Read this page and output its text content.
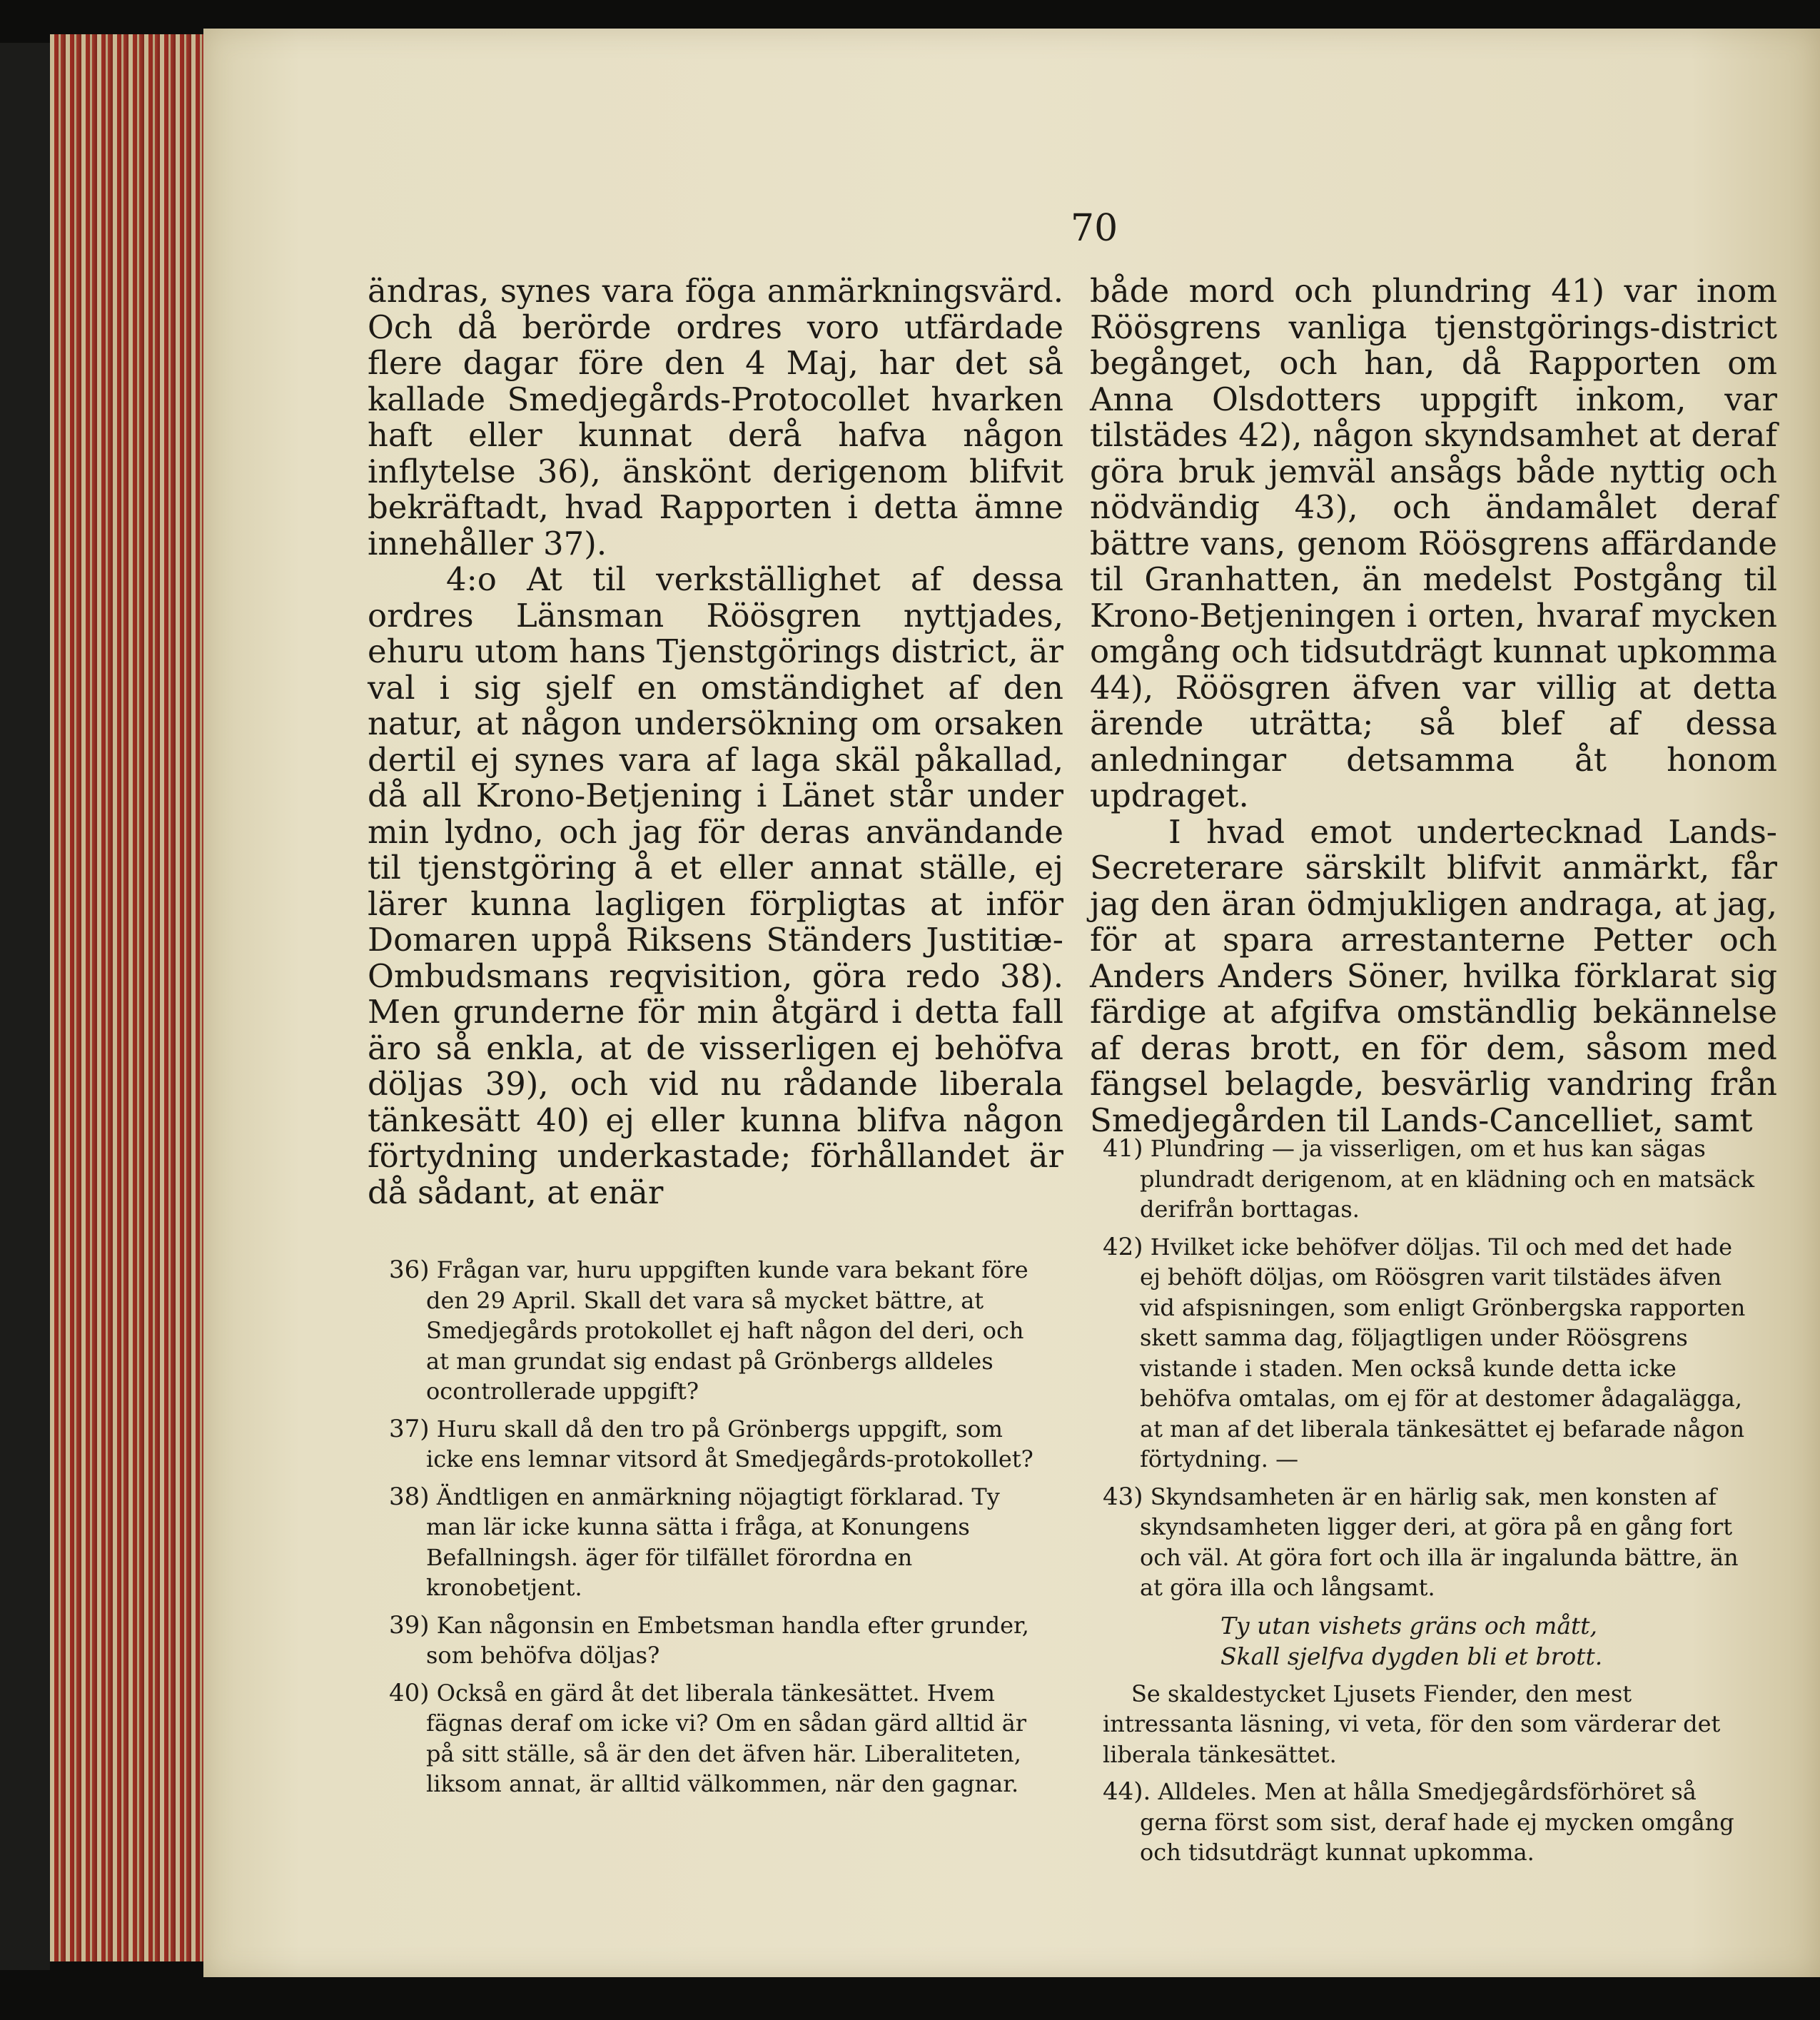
70

ändras, synes vara föga anmärkningsvärd. Och då berörde ordres voro utfärdade flere dagar före den 4 Maj, har det så kallade Smedjegårds-Protocollet hvarken haft eller kunnat derå hafva någon inflytelse 36), änskönt derigenom blifvit bekräftadt, hvad Rapporten i detta ämne innehåller 37).

4:o At til verkställighet af dessa ordres Länsman Röösgren nyttjades, ehuru utom hans Tjenstgörings district, är val i sig sjelf en omständighet af den natur, at någon undersökning om orsaken dertil ej synes vara af laga skäl påkallad, då all Krono-Betjening i Länet står under min lydno, och jag för deras användande til tjenstgöring å et eller annat ställe, ej lärer kunna lagligen förpligtas at inför Domaren uppå Riksens Ständers Justitiæ-Ombudsmans reqvisition, göra redo 38). Men grunderne för min åtgärd i detta fall äro så enkla, at de visserligen ej behöfva döljas 39), och vid nu rådande liberala tänkesätt 40) ej eller kunna blifva någon förtydning underkastade; förhållandet är då sådant, at enär

36) Frågan var, huru uppgiften kunde vara bekant före den 29 April. Skall det vara så mycket bättre, at Smedjegårds protokollet ej haft någon del deri, och at man grundat sig endast på Grönbergs alldeles ocontrollerade uppgift?

37) Huru skall då den tro på Grönbergs uppgift, som icke ens lemnar vitsord åt Smedjegårds-protokollet?

38) Ändtligen en anmärkning nöjagtigt förklarad. Ty man lär icke kunna sätta i fråga, at Konungens Befallningsh. äger för tilfället förordna en kronobetjent.

39) Kan någonsin en Embetsman handla efter grunder, som behöfva döljas?

40) Också en gärd åt det liberala tänkesättet. Hvem fägnas deraf om icke vi? Om en sådan gärd alltid är på sitt ställe, så är den det äfven här. Liberaliteten, liksom annat, är alltid välkommen, när den gagnar.

både mord och plundring 41) var inom Röösgrens vanliga tjenstgörings-district begånget, och han, då Rapporten om Anna Olsdotters uppgift inkom, var tilstädes 42), någon skyndsamhet at deraf göra bruk jemväl ansågs både nyttig och nödvändig 43), och ändamålet deraf bättre vans, genom Röösgrens affärdande til Granhatten, än medelst Postgång til Krono-Betjeningen i orten, hvaraf mycken omgång och tidsutdrägt kunnat upkomma 44), Röösgren äfven var villig at detta ärende uträtta; så blef af dessa anledningar detsamma åt honom updraget.

I hvad emot undertecknad Lands-Secreterare särskilt blifvit anmärkt, får jag den äran ödmjukligen andraga, at jag, för at spara arrestanterne Petter och Anders Anders Söner, hvilka förklarat sig färdige at afgifva omständlig bekännelse af deras brott, en för dem, såsom med fängsel belagde, besvärlig vandring från Smedjegården til Lands-Cancelliet, samt

41) Plundring — ja visserligen, om et hus kan sägas plundradt derigenom, at en klädning och en matsäck derifrån borttagas.

42) Hvilket icke behöfver döljas. Til och med det hade ej behöft döljas, om Röösgren varit tilstädes äfven vid afspisningen, som enligt Grönbergska rapporten skett samma dag, följagtligen under Röösgrens vistande i staden. Men också kunde detta icke behöfva omtalas, om ej för at destomer ådagalägga, at man af det liberala tänkesättet ej befarade någon förtydning. —

43) Skyndsamheten är en härlig sak, men konsten af skyndsamheten ligger deri, at göra på en gång fort och väl. At göra fort och illa är ingalunda bättre, än at göra illa och långsamt.

Ty utan vishets gräns och mått,
Skall sjelfva dygden bli et brott.

Se skaldestycket Ljusets Fiender, den mest intressanta läsning, vi veta, för den som värderar det liberala tänkesättet.

44). Alldeles. Men at hålla Smedjegårdsförhöret så gerna först som sist, deraf hade ej mycken omgång och tidsutdrägt kunnat upkomma.
